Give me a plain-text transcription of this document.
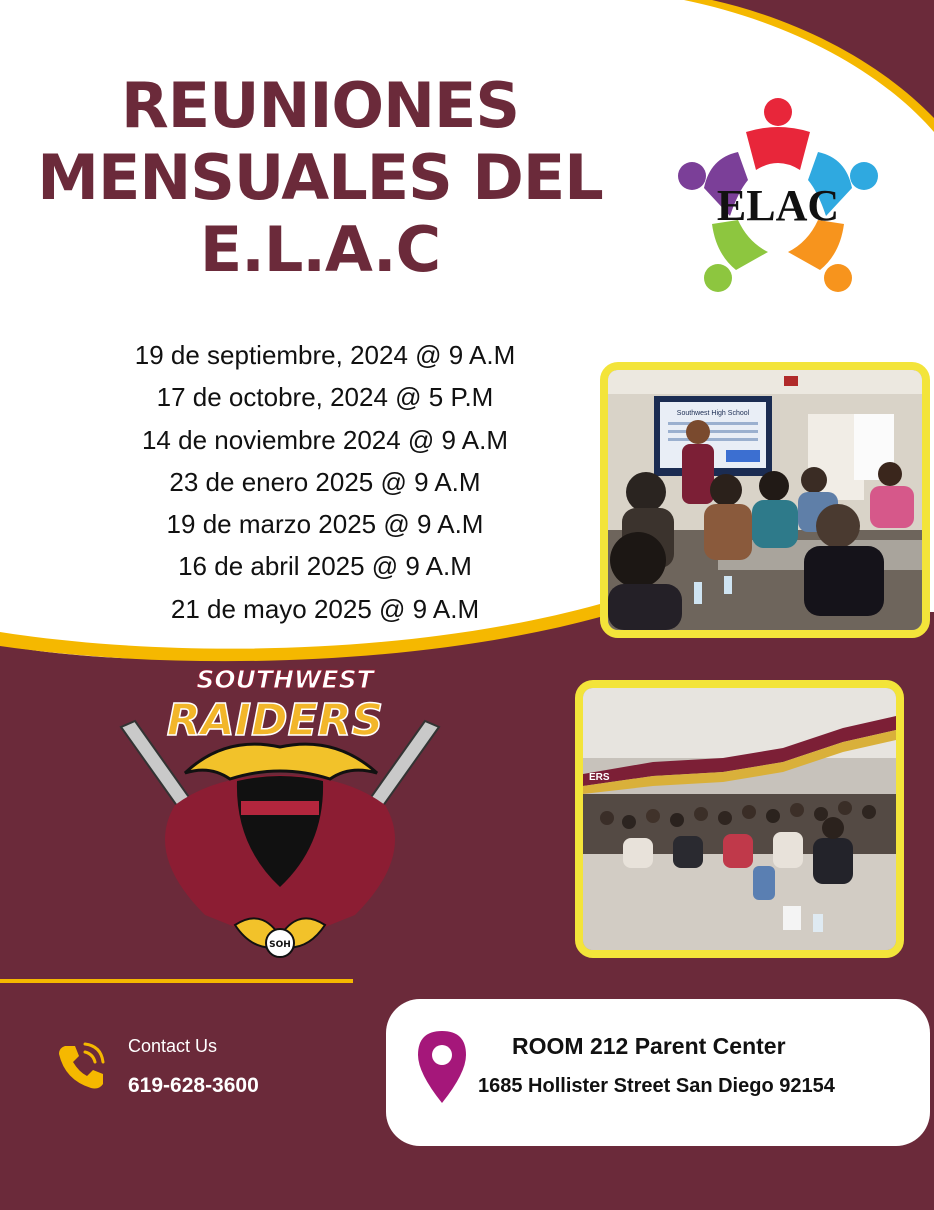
REUNIONES
MENSUALES DEL
E.L.A.C
19 de septiembre, 2024 @ 9 A.M
17 de octobre, 2024 @ 5 P.M
14 de noviembre 2024 @ 9 A.M
23 de enero 2025 @ 9 A.M
19 de marzo 2025 @ 9 A.M
16 de abril 2025 @ 9 A.M
21 de mayo 2025 @ 9 A.M
ELAC
Southwest High School
ERS
SOH
SOUTHWEST
RAIDERS
Contact Us
619-628-3600
ROOM 212 Parent Center
1685 Hollister Street San Diego 92154
